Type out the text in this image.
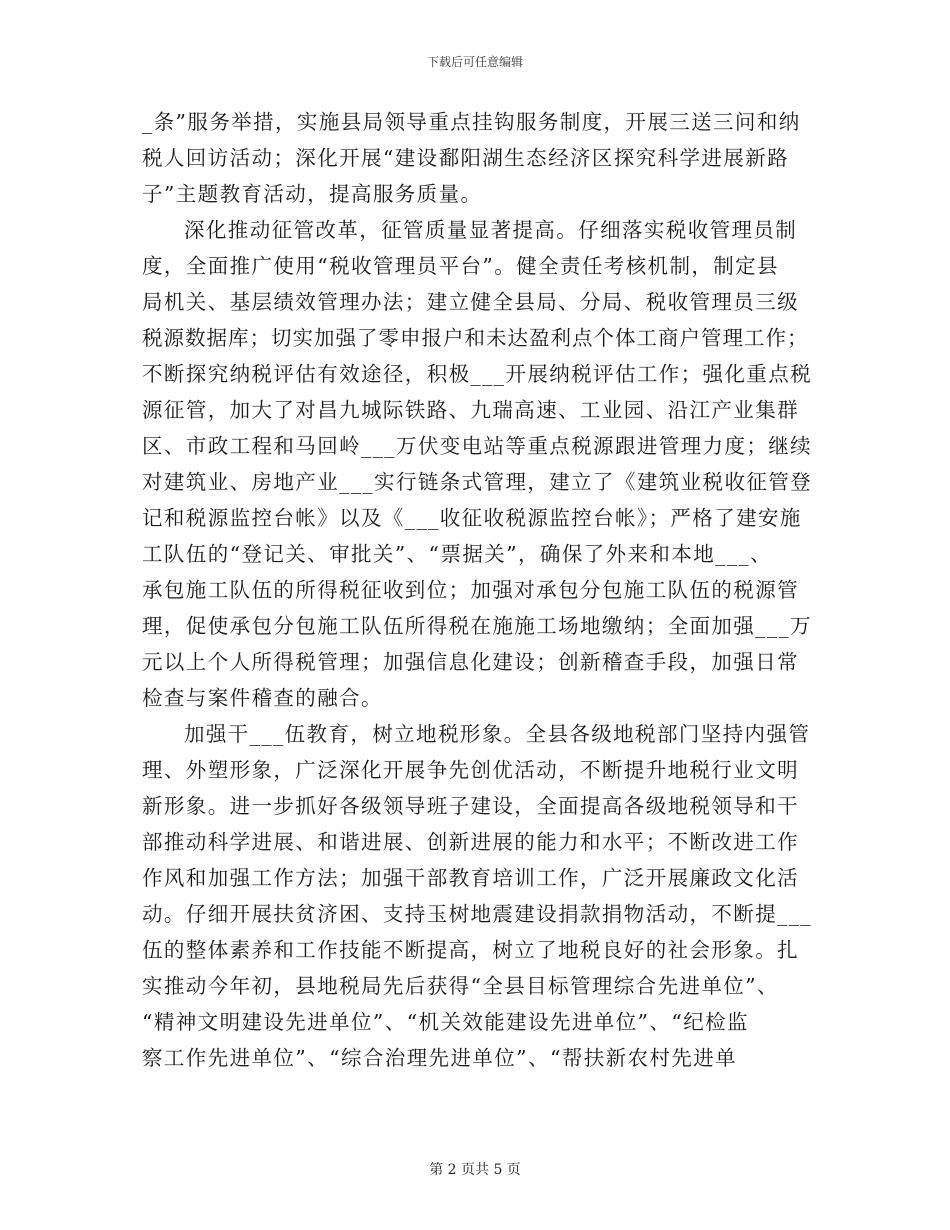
下载后可任意编辑
_条”服务举措，实施县局领导重点挂钩服务制度，开展三送三问和纳
税人回访活动；深化开展“建设鄱阳湖生态经济区探究科学进展新路
子”主题教育活动，提高服务质量。
深化推动征管改革，征管质量显著提高。仔细落实税收管理员制
度，全面推广使用“税收管理员平台”。健全责任考核机制，制定县
局机关、基层绩效管理办法；建立健全县局、分局、税收管理员三级
税源数据库；切实加强了零申报户和未达盈利点个体工商户管理工作；
不断探究纳税评估有效途径，积极___开展纳税评估工作；强化重点税
源征管，加大了对昌九城际铁路、九瑞高速、工业园、沿江产业集群
区、市政工程和马回岭___万伏变电站等重点税源跟进管理力度；继续
对建筑业、房地产业___实行链条式管理，建立了《建筑业税收征管登
记和税源监控台帐》以及《___收征收税源监控台帐》；严格了建安施
工队伍的“登记关、审批关”、“票据关”，确保了外来和本地___、
承包施工队伍的所得税征收到位；加强对承包分包施工队伍的税源管
理，促使承包分包施工队伍所得税在施施工场地缴纳；全面加强___万
元以上个人所得税管理；加强信息化建设；创新稽查手段，加强日常
检查与案件稽查的融合。
加强干___伍教育，树立地税形象。全县各级地税部门坚持内强管
理、外塑形象，广泛深化开展争先创优活动，不断提升地税行业文明
新形象。进一步抓好各级领导班子建设，全面提高各级地税领导和干
部推动科学进展、和谐进展、创新进展的能力和水平；不断改进工作
作风和加强工作方法；加强干部教育培训工作，广泛开展廉政文化活
动。仔细开展扶贫济困、支持玉树地震建设捐款捐物活动，不断提___
伍的整体素养和工作技能不断提高，树立了地税良好的社会形象。扎
实推动今年初，县地税局先后获得“全县目标管理综合先进单位”、
“精神文明建设先进单位”、“机关效能建设先进单位”、“纪检监
察工作先进单位”、“综合治理先进单位”、“帮扶新农村先进单
第 2 页共 5 页
